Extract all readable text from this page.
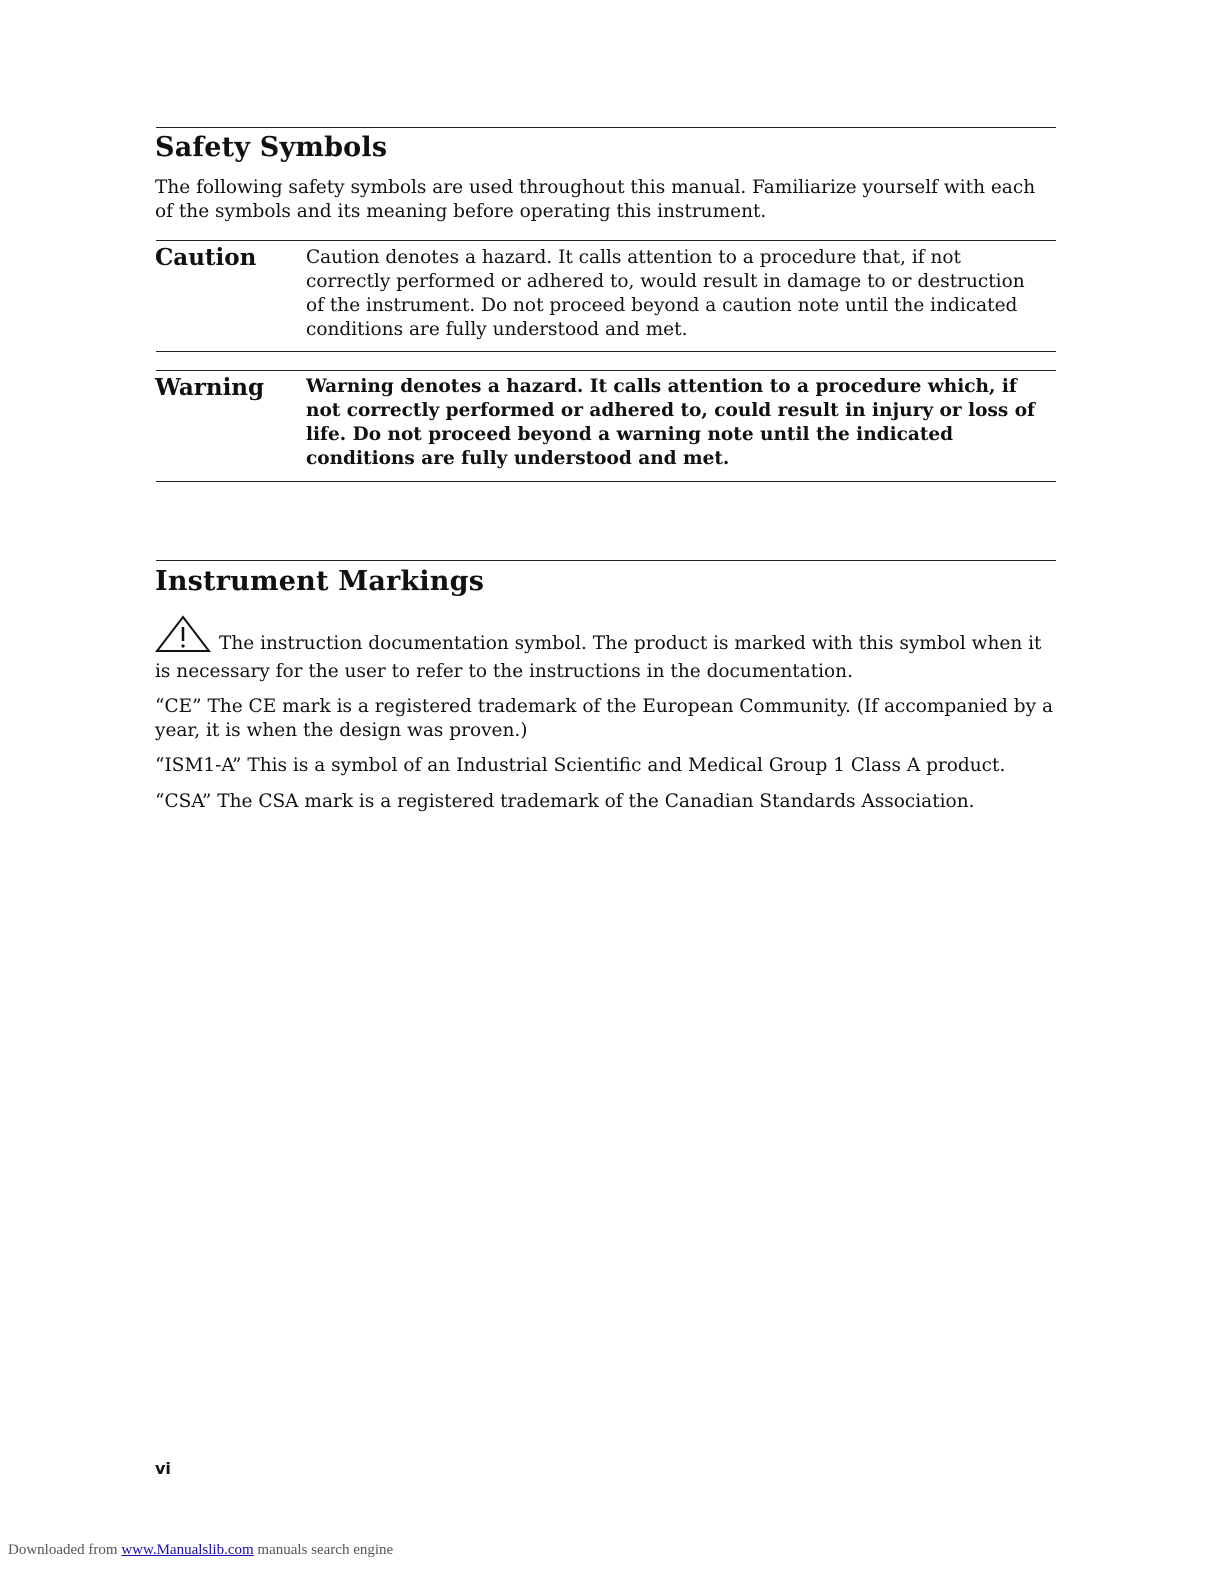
Safety Symbols
The following safety symbols are used throughout this manual. Familiarize yourself with each of the symbols and its meaning before operating this instrument.
Caution	Caution denotes a hazard. It calls attention to a procedure that, if not correctly performed or adhered to, would result in damage to or destruction of the instrument. Do not proceed beyond a caution note until the indicated conditions are fully understood and met.
Warning Warning denotes a hazard. It calls attention to a procedure which, if not correctly performed or adhered to, could result in injury or loss of life. Do not proceed beyond a warning note until the indicated conditions are fully understood and met.
Instrument Markings
The instruction documentation symbol. The product is marked with this symbol when it is necessary for the user to refer to the instructions in the documentation.
“CE” The CE mark is a registered trademark of the European Community. (If accompanied by a year, it is when the design was proven.)
“ISM1-A” This is a symbol of an Industrial Scientific and Medical Group 1 Class A product.
“CSA” The CSA mark is a registered trademark of the Canadian Standards Association.
vi
Downloaded from www.Manualslib.com manuals search engine
